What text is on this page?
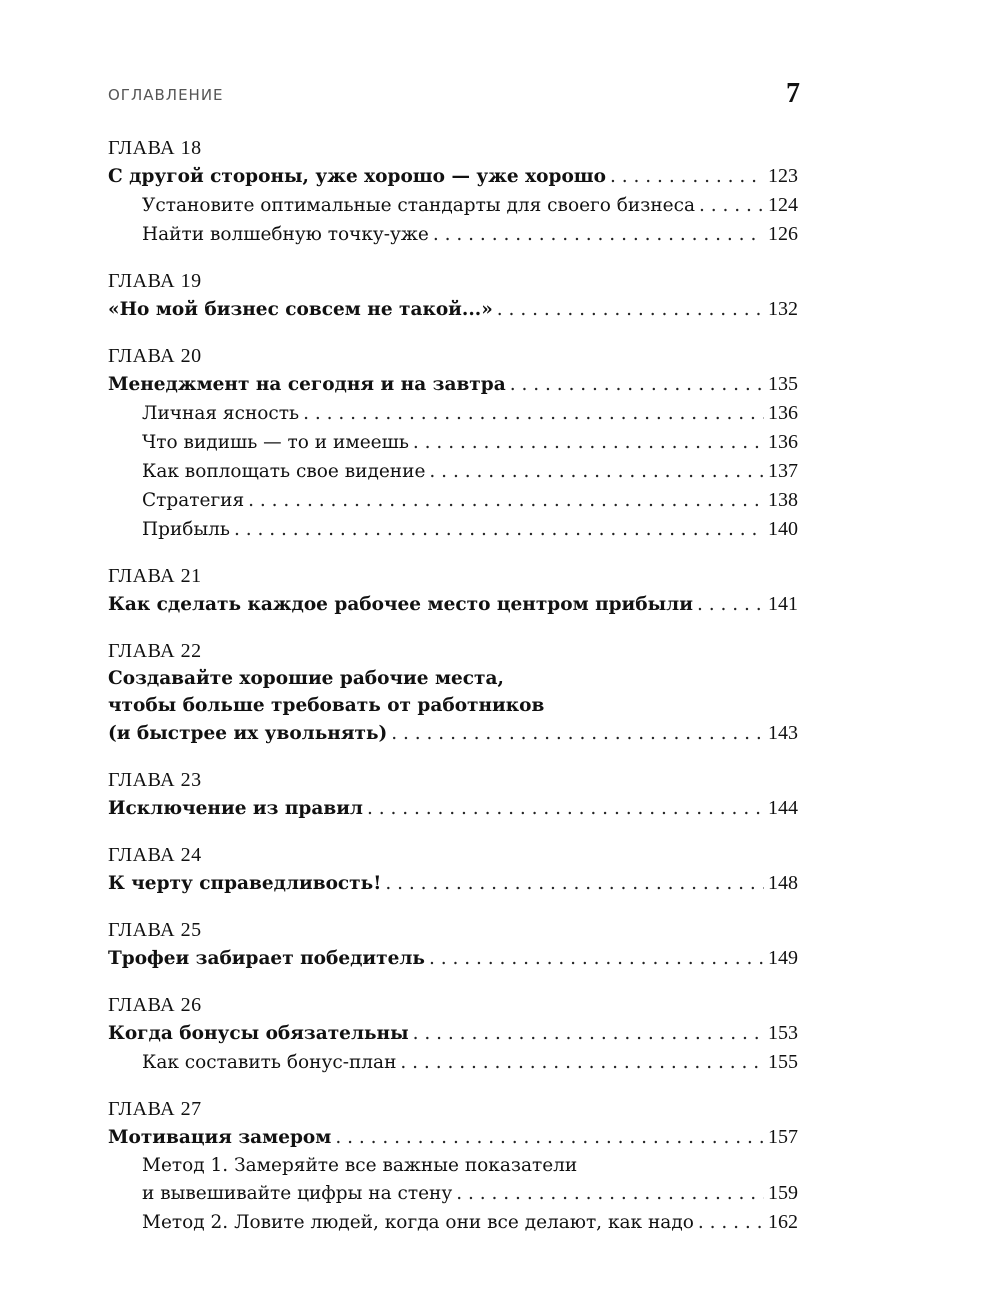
ОГЛАВЛЕНИЕ	7
ГЛАВА 18
С другой стороны, уже хорошо — уже хорошо . . .	123
Установите оптимальные стандарты для своего бизнеса . . .	124
Найти волшебную точку-уже . . .	126
ГЛАВА 19
«Но мой бизнес совсем не такой...» . . .	132
ГЛАВА 20
Менеджмент на сегодня и на завтра . . .	135
Личная ясность . . .	136
Что видишь — то и имеешь . . .	136
Как воплощать свое видение . . .	137
Стратегия . . .	138
Прибыль . . .	140
ГЛАВА 21
Как сделать каждое рабочее место центром прибыли . . .	141
ГЛАВА 22
Создавайте хорошие рабочие места,
чтобы больше требовать от работников
(и быстрее их увольнять) . . .	143
ГЛАВА 23
Исключение из правил . . .	144
ГЛАВА 24
К черту справедливость! . . .	148
ГЛАВА 25
Трофеи забирает победитель . . .	149
ГЛАВА 26
Когда бонусы обязательны . . .	153
Как составить бонус-план . . .	155
ГЛАВА 27
Мотивация замером . . .	157
Метод 1. Замеряйте все важные показатели
и вывешивайте цифры на стену . . .	159
Метод 2. Ловите людей, когда они все делают, как надо . . .	162
